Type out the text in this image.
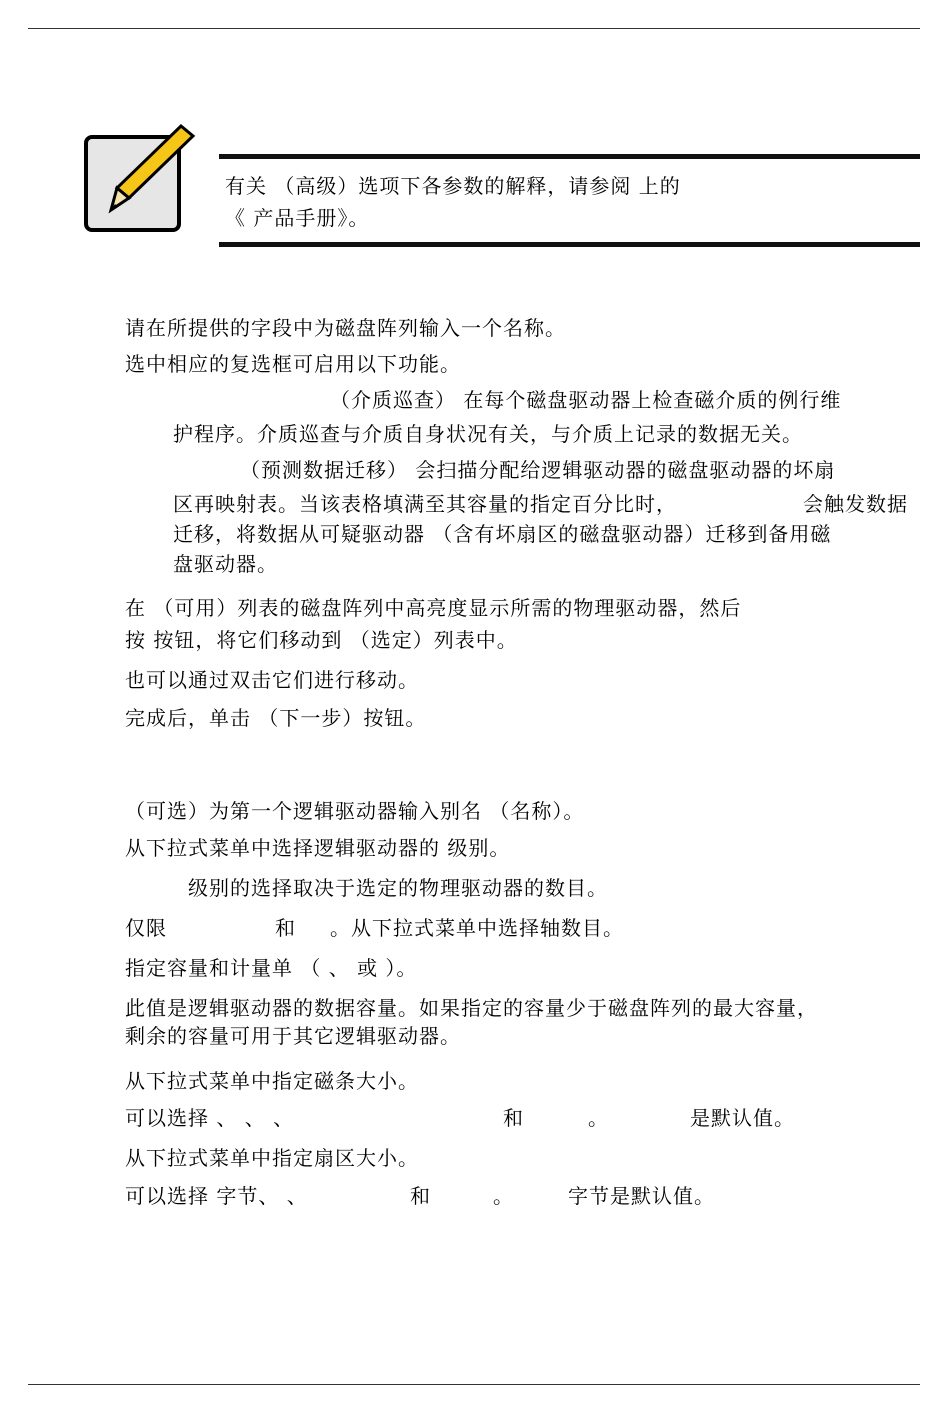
有关 （高级）选项下各参数的解释，请参阅 上的
《 产品手册》。
请在所提供的字段中为磁盘阵列输入一个名称。
选中相应的复选框可启用以下功能。
（介质巡查） 在每个磁盘驱动器上检查磁介质的例行维
护程序。介质巡查与介质自身状况有关，与介质上记录的数据无关。
（预测数据迁移） 会扫描分配给逻辑驱动器的磁盘驱动器的坏扇
区再映射表。当该表格填满至其容量的指定百分比时，	会触发数据
迁移，将数据从可疑驱动器 （含有坏扇区的磁盘驱动器）迁移到备用磁
盘驱动器。
在 （可用）列表的磁盘阵列中高亮度显示所需的物理驱动器，然后
按 按钮，将它们移动到 （选定）列表中。
也可以通过双击它们进行移动。
完成后，单击 （下一步）按钮。
（可选）为第一个逻辑驱动器输入别名 （名称）。
从下拉式菜单中选择逻辑驱动器的 级别。
级别的选择取决于选定的物理驱动器的数目。
仅限	和 。从下拉式菜单中选择轴数目。
指定容量和计量单 （ 、 或 ）。
此值是逻辑驱动器的数据容量。如果指定的容量少于磁盘阵列的最大容量，
剩余的容量可用于其它逻辑驱动器。
从下拉式菜单中指定磁条大小。
可以选择 、 、 、	和	。	是默认值。
从下拉式菜单中指定扇区大小。
可以选择 字节、 、	和	。	字节是默认值。
